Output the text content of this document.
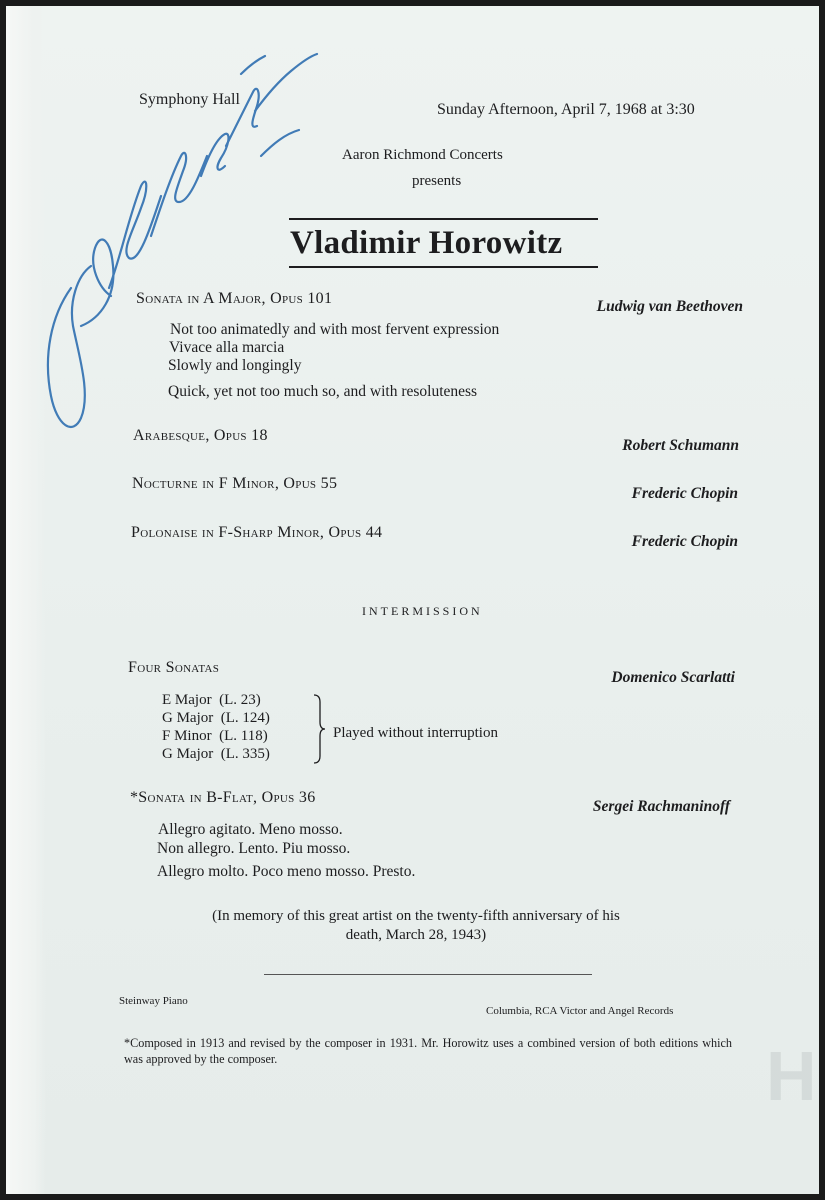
H
Symphony Hall
Sunday Afternoon, April 7, 1968 at 3:30
Aaron Richmond Concerts
presents
Vladimir Horowitz
Sonata in A Major, Opus 101	Ludwig van Beethoven
Not too animatedly and with most fervent expression
Vivace alla marcia
Slowly and longingly
Quick, yet not too much so, and with resoluteness
Arabesque, Opus 18
Robert Schumann
Nocturne in F Minor, Opus 55
Frederic Chopin
Polonaise in F-Sharp Minor, Opus 44
Frederic Chopin
INTERMISSION
Four Sonatas
Domenico Scarlatti
E Major  (L. 23)
G Major  (L. 124)
F Minor  (L. 118)
G Major  (L. 335)
Played without interruption
*Sonata in B-Flat, Opus 36
Sergei Rachmaninoff
Allegro agitato. Meno mosso.
Non allegro. Lento. Piu mosso.
Allegro molto. Poco meno mosso. Presto.
(In memory of this great artist on the twenty-fifth anniversary of his death, March 28, 1943)
Steinway Piano
Columbia, RCA Victor and Angel Records
*Composed in 1913 and revised by the composer in 1931. Mr. Horowitz uses a combined version of both editions which was approved by the composer.
